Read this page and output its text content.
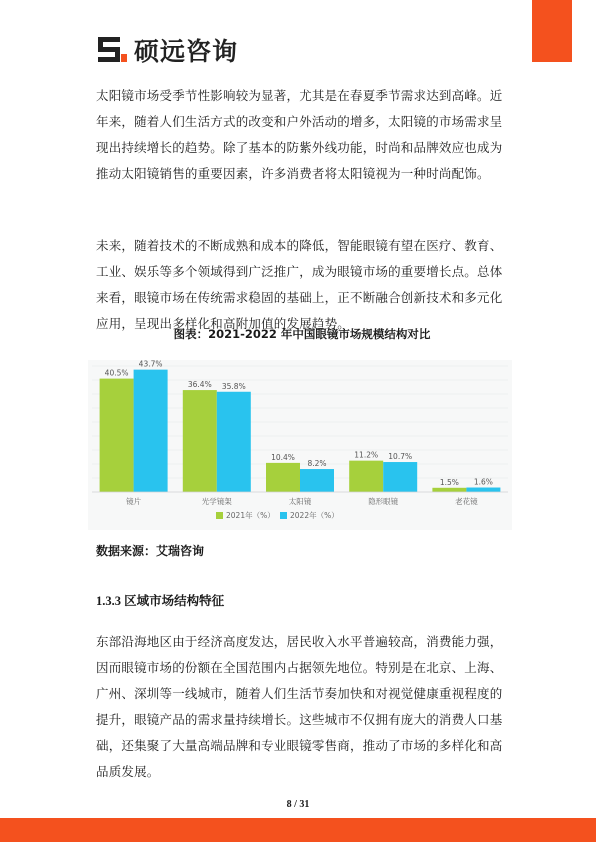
硕远咨询

太阳镜市场受季节性影响较为显著，尤其是在春夏季节需求达到高峰。近年来，随着人们生活方式的改变和户外活动的增多，太阳镜的市场需求呈现出持续增长的趋势。除了基本的防紫外线功能，时尚和品牌效应也成为推动太阳镜销售的重要因素，许多消费者将太阳镜视为一种时尚配饰。

未来，随着技术的不断成熟和成本的降低，智能眼镜有望在医疗、教育、工业、娱乐等多个领域得到广泛推广，成为眼镜市场的重要增长点。总体来看，眼镜市场在传统需求稳固的基础上，正不断融合创新技术和多元化应用，呈现出多样化和高附加值的发展趋势。

图表：2021-2022 年中国眼镜市场规模结构对比

40.5%
43.7%
镜片
36.4% 35.8%
光学镜架
10.4%
8.2%
太阳镜
11.2% 10.7%
隐形眼镜
1.5% 1.6%
老花镜
2021年（%） 2022年（%）

数据来源：艾瑞咨询

1.3.3 区域市场结构特征

东部沿海地区由于经济高度发达，居民收入水平普遍较高，消费能力强，因而眼镜市场的份额在全国范围内占据领先地位。特别是在北京、上海、广州、深圳等一线城市，随着人们生活节奏加快和对视觉健康重视程度的提升，眼镜产品的需求量持续增长。这些城市不仅拥有庞大的消费人口基础，还集聚了大量高端品牌和专业眼镜零售商，推动了市场的多样化和高品质发展。

8 / 31
